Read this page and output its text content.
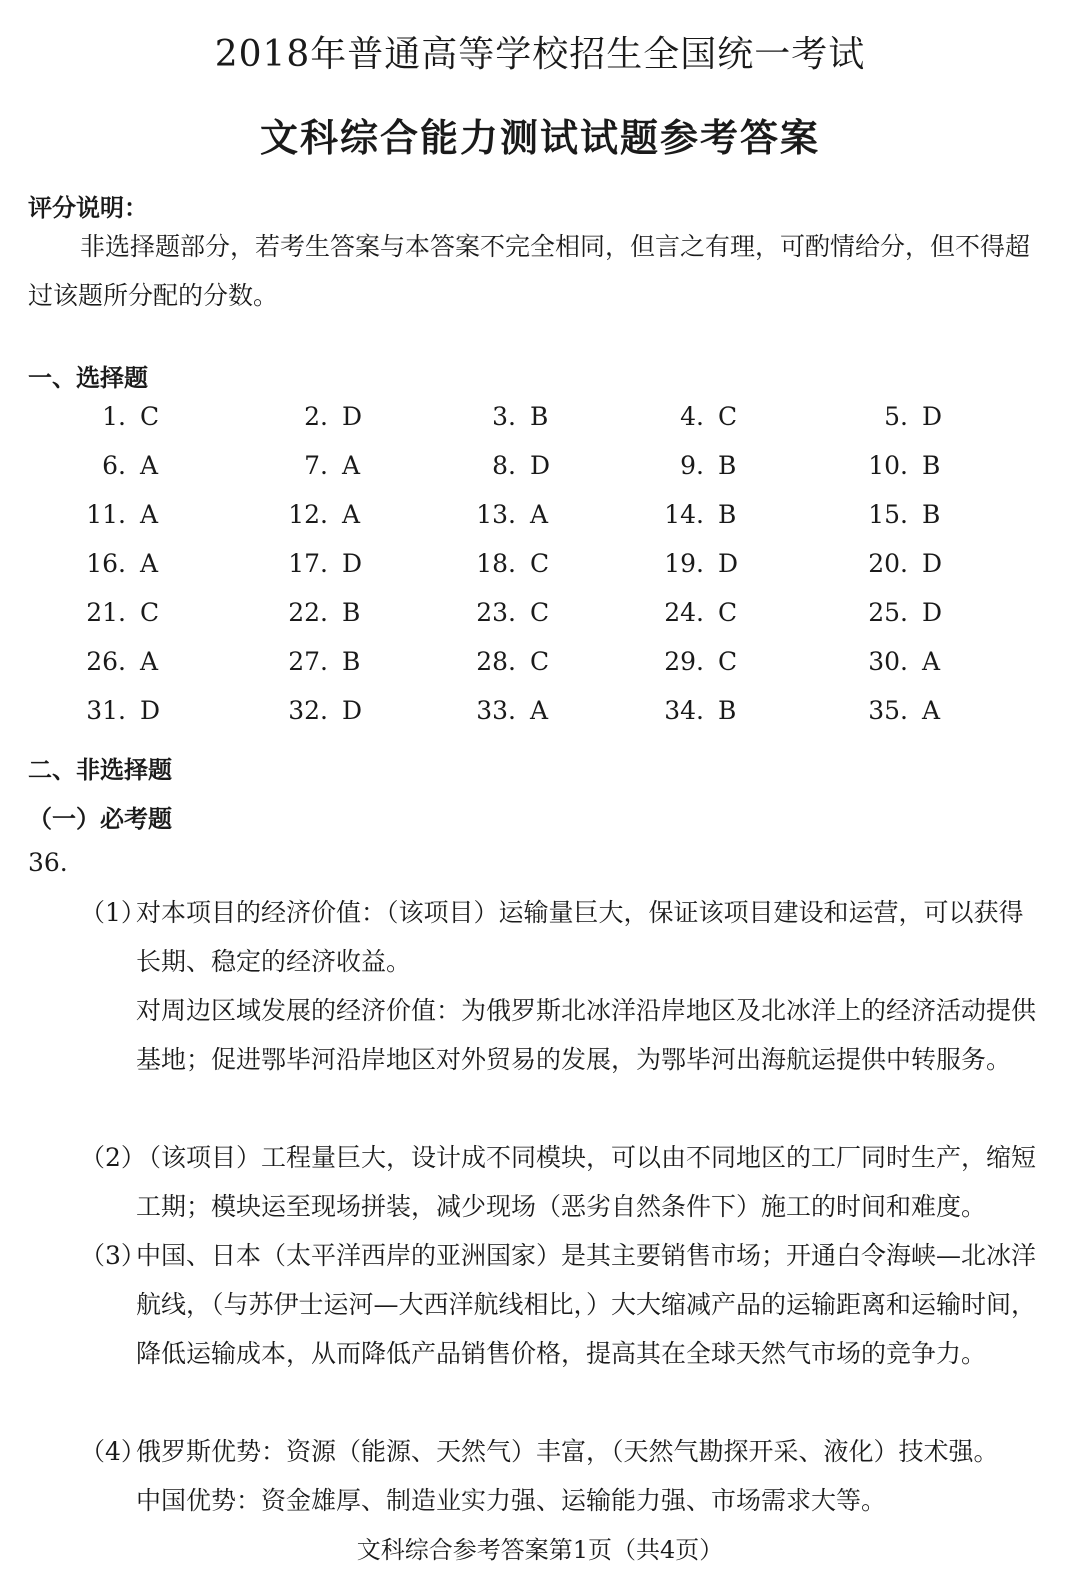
2018年普通高等学校招生全国统一考试
文科综合能力测试试题参考答案
评分说明：
非选择题部分，若考生答案与本答案不完全相同，但言之有理，可酌情给分，但不得超过该题所分配的分数。
一、选择题
1. C	2. D	3. B	4. C	5. D
6. A	7. A	8. D	9. B	10. B
11. A	12. A	13. A	14. B	15. B
16. A	17. D	18. C	19. D	20. D
21. C	22. B	23. C	24. C	25. D
26. A	27. B	28. C	29. C	30. A
31. D	32. D	33. A	34. B	35. A
二、非选择题
（一）必考题
36.
（1）
对本项目的经济价值：（该项目）运输量巨大，保证该项目建设和运营，可以获得长期、稳定的经济收益。
对周边区域发展的经济价值：为俄罗斯北冰洋沿岸地区及北冰洋上的经济活动提供基地；促进鄂毕河沿岸地区对外贸易的发展，为鄂毕河出海航运提供中转服务。
（2）
（该项目）工程量巨大，设计成不同模块，可以由不同地区的工厂同时生产，缩短工期；模块运至现场拼装，减少现场（恶劣自然条件下）施工的时间和难度。
（3）
中国、日本（太平洋西岸的亚洲国家）是其主要销售市场；开通白令海峡—北冰洋航线，（与苏伊士运河—大西洋航线相比，）大大缩减产品的运输距离和运输时间，降低运输成本，从而降低产品销售价格，提高其在全球天然气市场的竞争力。
（4）
俄罗斯优势：资源（能源、天然气）丰富，（天然气勘探开采、液化）技术强。
中国优势：资金雄厚、制造业实力强、运输能力强、市场需求大等。
文科综合参考答案第1页（共4页）
